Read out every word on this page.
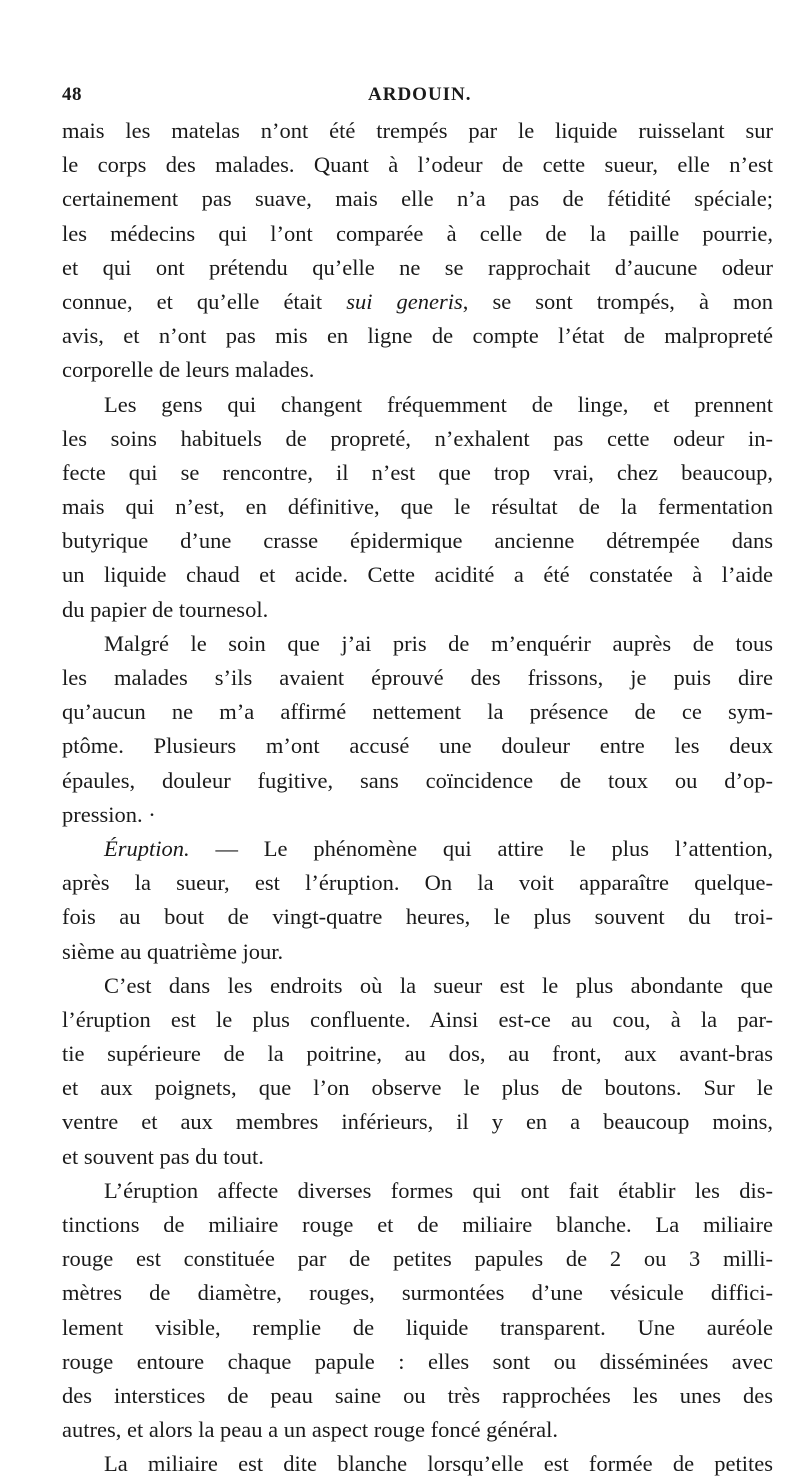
48	ARDOUIN.
mais les matelas n’ont été trempés par le liquide ruisselant sur
le corps des malades. Quant à l’odeur de cette sueur, elle n’est
certainement pas suave, mais elle n’a pas de fétidité spéciale;
les médecins qui l’ont comparée à celle de la paille pourrie,
et qui ont prétendu qu’elle ne se rapprochait d’aucune odeur
connue, et qu’elle était sui generis, se sont trompés, à mon
avis, et n’ont pas mis en ligne de compte l’état de malpropreté
corporelle de leurs malades.
Les gens qui changent fréquemment de linge, et prennent
les soins habituels de propreté, n’exhalent pas cette odeur in-
fecte qui se rencontre, il n’est que trop vrai, chez beaucoup,
mais qui n’est, en définitive, que le résultat de la fermentation
butyrique d’une crasse épidermique ancienne détrempée dans
un liquide chaud et acide. Cette acidité a été constatée à l’aide
du papier de tournesol.
Malgré le soin que j’ai pris de m’enquérir auprès de tous
les malades s’ils avaient éprouvé des frissons, je puis dire
qu’aucun ne m’a affirmé nettement la présence de ce sym-
ptôme. Plusieurs m’ont accusé une douleur entre les deux
épaules, douleur fugitive, sans coïncidence de toux ou d’op-
pression. ·
Éruption. — Le phénomène qui attire le plus l’attention,
après la sueur, est l’éruption. On la voit apparaître quelque-
fois au bout de vingt-quatre heures, le plus souvent du troi-
sième au quatrième jour.
C’est dans les endroits où la sueur est le plus abondante que
l’éruption est le plus confluente. Ainsi est-ce au cou, à la par-
tie supérieure de la poitrine, au dos, au front, aux avant-bras
et aux poignets, que l’on observe le plus de boutons. Sur le
ventre et aux membres inférieurs, il y en a beaucoup moins,
et souvent pas du tout.
L’éruption affecte diverses formes qui ont fait établir les dis-
tinctions de miliaire rouge et de miliaire blanche. La miliaire
rouge est constituée par de petites papules de 2 ou 3 milli-
mètres de diamètre, rouges, surmontées d’une vésicule diffici-
lement visible, remplie de liquide transparent. Une auréole
rouge entoure chaque papule : elles sont ou disséminées avec
des interstices de peau saine ou très rapprochées les unes des
autres, et alors la peau a un aspect rouge foncé général.
La miliaire est dite blanche lorsqu’elle est formée de petites
